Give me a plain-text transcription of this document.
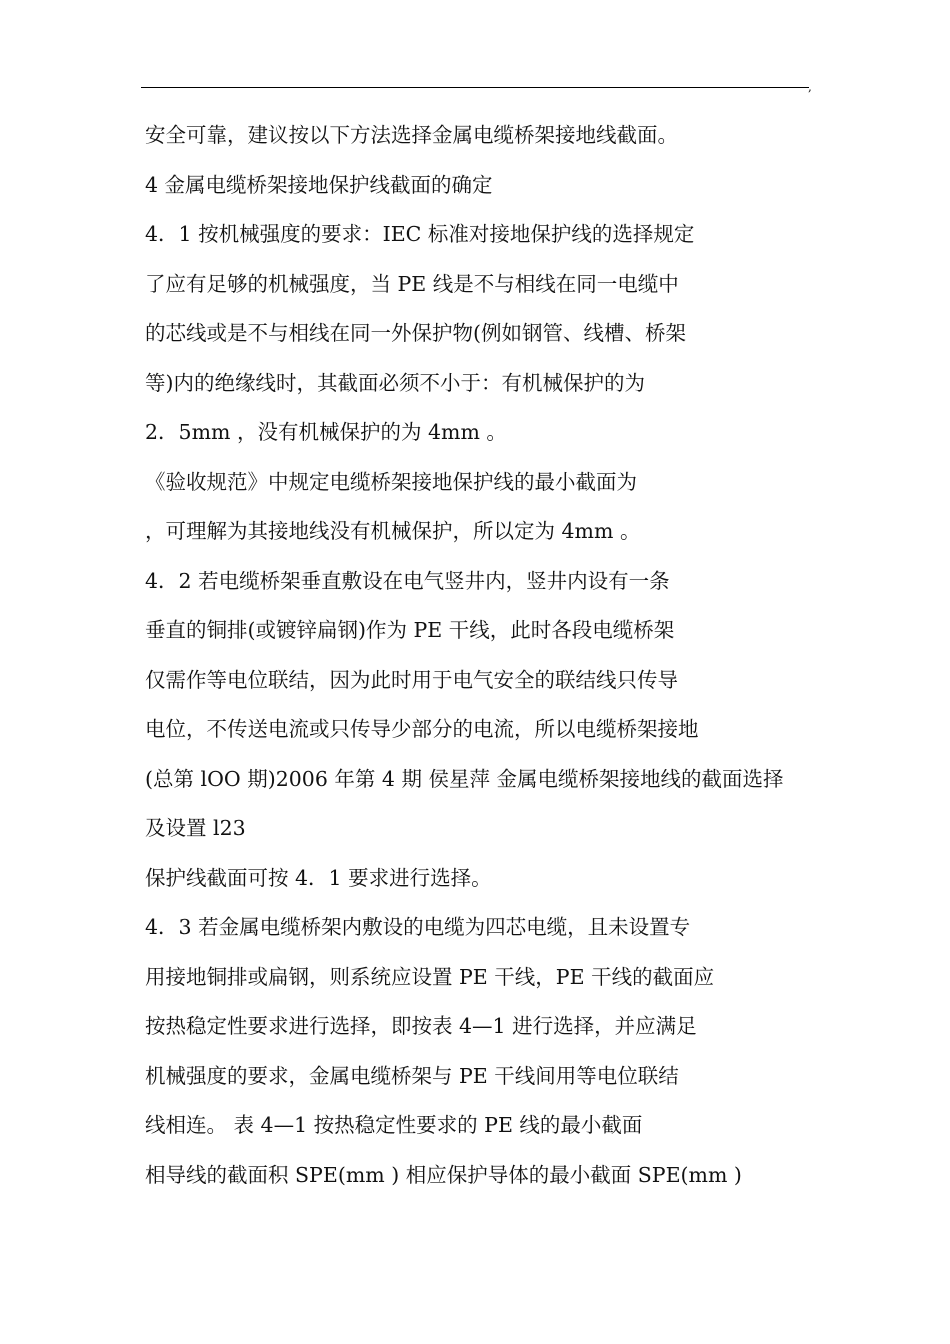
,
安全可靠，建议按以下方法选择金属电缆桥架接地线截面。
4 金属电缆桥架接地保护线截面的确定
4．1 按机械强度的要求：IEC 标准对接地保护线的选择规定
了应有足够的机械强度，当 PE 线是不与相线在同一电缆中
的芯线或是不与相线在同一外保护物(例如钢管、线槽、桥架
等)内的绝缘线时，其截面必须不小于：有机械保护的为
2．5mm ，没有机械保护的为 4mm 。
《验收规范》中规定电缆桥架接地保护线的最小截面为
，可理解为其接地线没有机械保护，所以定为 4mm 。
4．2 若电缆桥架垂直敷设在电气竖井内，竖井内设有一条
垂直的铜排(或镀锌扁钢)作为 PE 干线，此时各段电缆桥架
仅需作等电位联结，因为此时用于电气安全的联结线只传导
电位，不传送电流或只传导少部分的电流，所以电缆桥架接地
(总第 lOO 期)2006 年第 4 期 侯星萍 金属电缆桥架接地线的截面选择
及设置 l23
保护线截面可按 4．1 要求进行选择。
4．3 若金属电缆桥架内敷设的电缆为四芯电缆，且未设置专
用接地铜排或扁钢，则系统应设置 PE 干线，PE 干线的截面应
按热稳定性要求进行选择，即按表 4—1 进行选择，并应满足
机械强度的要求，金属电缆桥架与 PE 干线间用等电位联结
线相连。 表 4—1 按热稳定性要求的 PE 线的最小截面
相导线的截面积 SPE(mm ) 相应保护导体的最小截面 SPE(mm )
